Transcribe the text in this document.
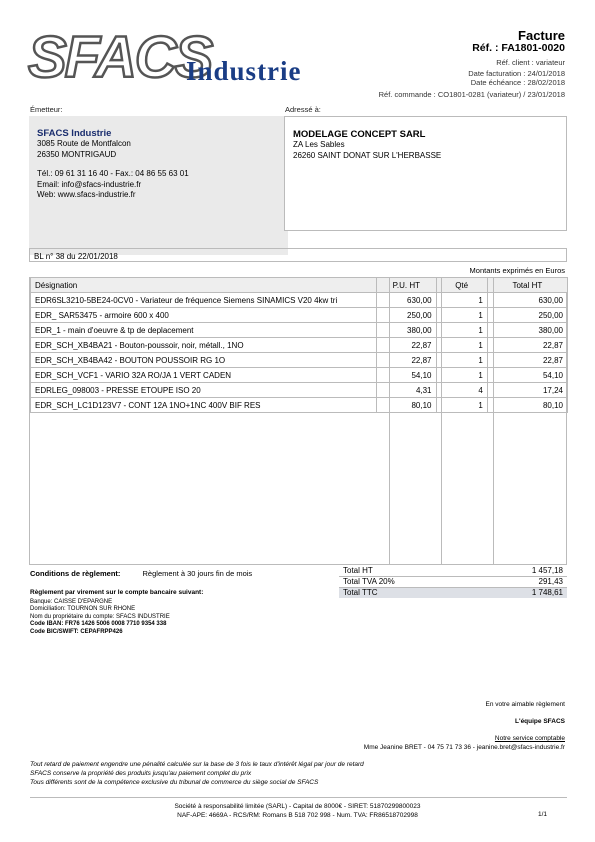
SFACS
Industrie
Facture
Réf. : FA1801-0020
Réf. client : variateur
Date facturation : 24/01/2018
Date échéance : 28/02/2018
Réf. commande : CO1801-0281 (variateur) / 23/01/2018
Émetteur:	Adressé à:
SFACS Industrie
3085 Route de Montfalcon
26350 MONTRIGAUD
Tél.: 09 61 31 16 40 - Fax.: 04 86 55 63 01
Email: info@sfacs-industrie.fr
Web: www.sfacs-industrie.fr
MODELAGE CONCEPT SARL
ZA Les Sables
26260 SAINT DONAT SUR L'HERBASSE
BL n° 38 du 22/01/2018
Montants exprimés en Euros
Désignation	P.U. HT	Qté	Total HT
EDR6SL3210-5BE24-0CV0 - Variateur de fréquence Siemens SINAMICS V20 4kw tri	630,00	1	630,00
EDR_ SAR53475 - armoire 600 x 400	250,00	1	250,00
EDR_1 - main d'oeuvre & tp de deplacement	380,00	1	380,00
EDR_SCH_XB4BA21 - Bouton-poussoir, noir, métall., 1NO	22,87	1	22,87
EDR_SCH_XB4BA42 - BOUTON POUSSOIR RG 1O	22,87	1	22,87
EDR_SCH_VCF1 - VARIO 32A RO/JA 1 VERT CADEN	54,10	1	54,10
EDRLEG_098003 - PRESSE ETOUPE ISO 20	4,31	4	17,24
EDR_SCH_LC1D123V7 - CONT 12A 1NO+1NC 400V BIF RES	80,10	1	80,10
Conditions de règlement:	Règlement à 30 jours fin de mois
Règlement par virement sur le compte bancaire suivant:
Banque: CAISSE D'EPARGNE
Domiciliation: TOURNON SUR RHONE
Nom du propriétaire du compte: SFACS INDUSTRIE
Code IBAN: FR76 1426 5006 0008 7710 9354 338
Code BIC/SWIFT: CEPAFRPP426
Total HT	1 457,18
Total TVA 20%	291,43
Total TTC	1 748,61
En votre aimable règlement
L'équipe SFACS
Notre service comptable
Mme Jeanine BRET - 04 75 71 73 36 - jeanine.bret@sfacs-industrie.fr
Tout retard de paiement engendre une pénalité calculée sur la base de 3 fois le taux d'intérêt légal par jour de retard
SFACS conserve la propriété des produits jusqu'au paiement complet du prix
Tous différents sont de la compétence exclusive du tribunal de commerce du siège social de SFACS
Société à responsabilité limitée (SARL) - Capital de 8000€ - SIRET: 51870299800023
NAF-APE: 4669A - RCS/RM: Romans B 518 702 998 - Num. TVA: FR86518702998	1/1
